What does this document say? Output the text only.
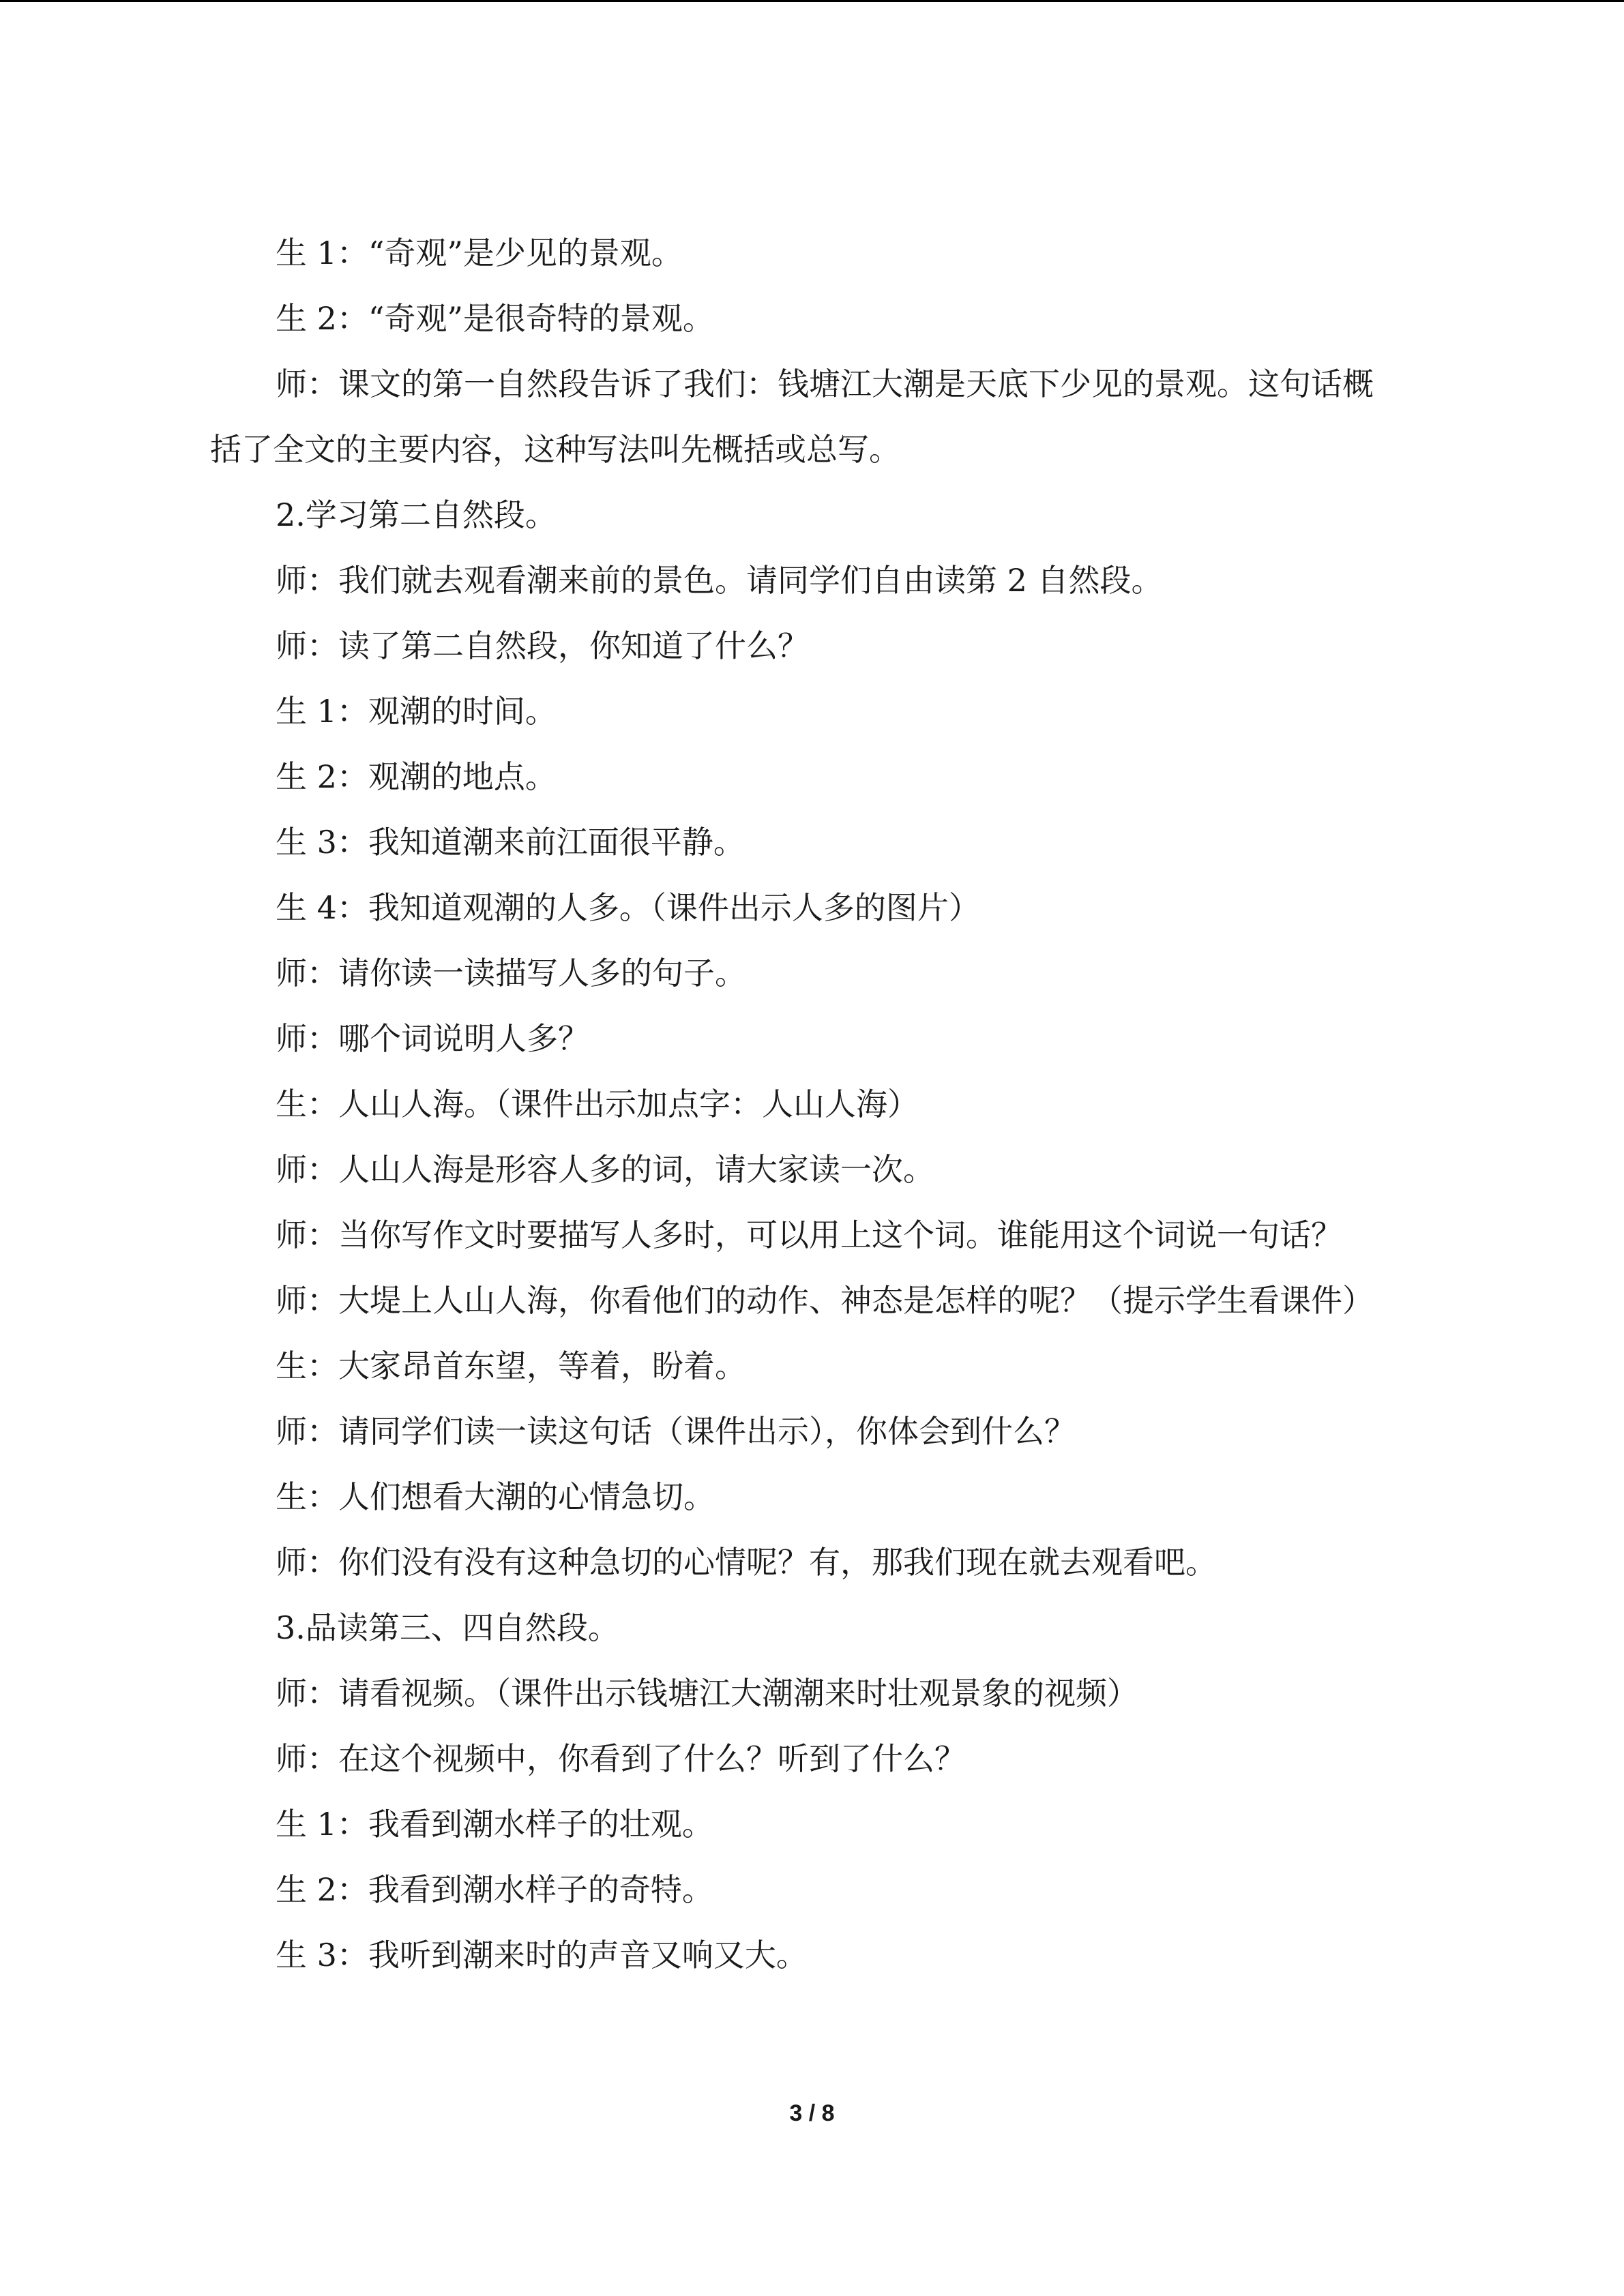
生 1：“奇观”是少见的景观。

生 2：“奇观”是很奇特的景观。

师：课文的第一自然段告诉了我们：钱塘江大潮是天底下少见的景观。这句话概括了全文的主要内容，这种写法叫先概括或总写。

2.学习第二自然段。

师：我们就去观看潮来前的景色。请同学们自由读第 2 自然段。

师：读了第二自然段，你知道了什么？

生 1：观潮的时间。

生 2：观潮的地点。

生 3：我知道潮来前江面很平静。

生 4：我知道观潮的人多。（课件出示人多的图片）

师：请你读一读描写人多的句子。

师：哪个词说明人多？

生：人山人海。（课件出示加点字：人山人海）

师：人山人海是形容人多的词，请大家读一次。

师：当你写作文时要描写人多时，可以用上这个词。谁能用这个词说一句话？

师：大堤上人山人海，你看他们的动作、神态是怎样的呢？（提示学生看课件）

生：大家昂首东望，等着，盼着。

师：请同学们读一读这句话（课件出示），你体会到什么？

生：人们想看大潮的心情急切。

师：你们没有没有这种急切的心情呢？有，那我们现在就去观看吧。

3.品读第三、四自然段。

师：请看视频。（课件出示钱塘江大潮潮来时壮观景象的视频）

师：在这个视频中，你看到了什么？听到了什么？

生 1：我看到潮水样子的壮观。

生 2：我看到潮水样子的奇特。

生 3：我听到潮来时的声音又响又大。

3 / 8
